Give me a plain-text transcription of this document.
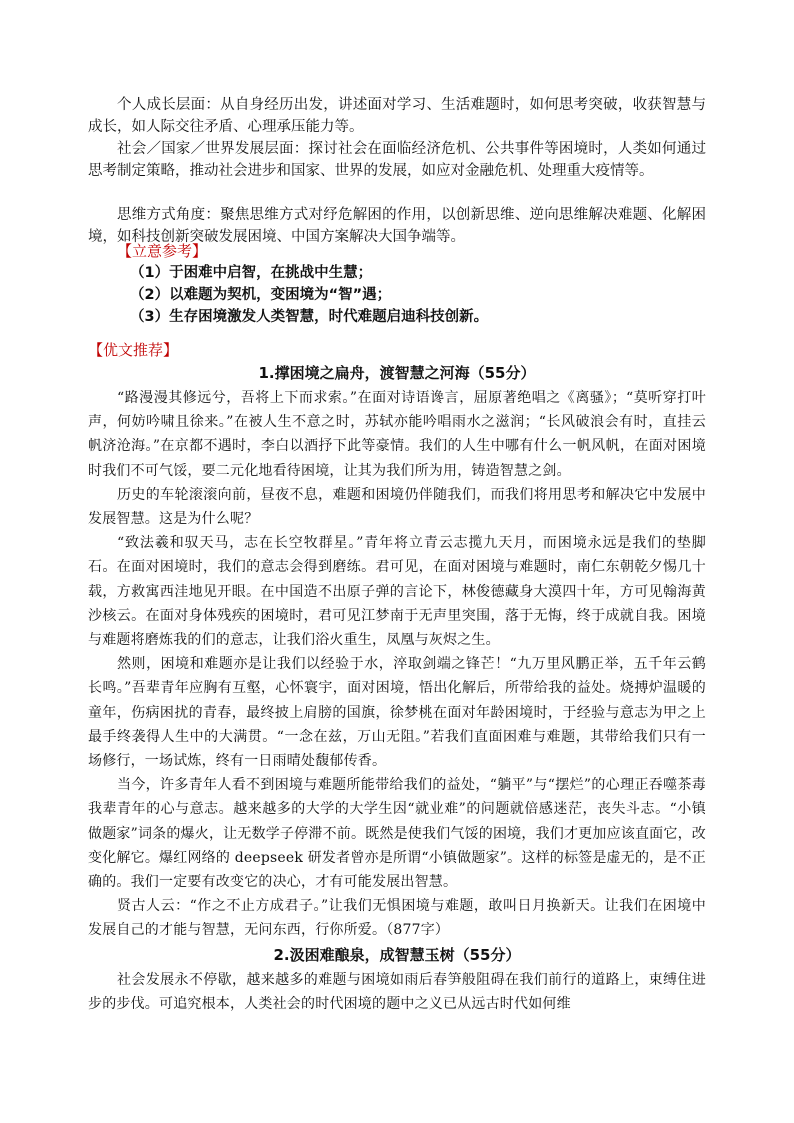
个人成长层面：从自身经历出发，讲述面对学习、生活难题时，如何思考突破，收获智慧与成长，如人际交往矛盾、心理承压能力等。

社会／国家／世界发展层面：探讨社会在面临经济危机、公共事件等困境时，人类如何通过思考制定策略，推动社会进步和国家、世界的发展，如应对金融危机、处理重大疫情等。

思维方式角度：聚焦思维方式对纾危解困的作用，以创新思维、逆向思维解决难题、化解困境，如科技创新突破发展困境、中国方案解决大国争端等。

【立意参考】
（1）于困难中启智，在挑战中生慧；
（2）以难题为契机，变困境为“智”遇；
（3）生存困境激发人类智慧，时代难题启迪科技创新。
【优文推荐】
1.撑困境之扁舟，渡智慧之河海（55分）

“路漫漫其修远兮，吾将上下而求索。”在面对诗语谗言，屈原著绝唱之《离骚》；“莫听穿打叶声，何妨吟啸且徐来。”在被人生不意之时，苏轼亦能吟唱雨水之滋润；“长风破浪会有时，直挂云帆济沧海。”在京都不遇时，李白以酒抒下此等豪情。我们的人生中哪有什么一帆风帆，在面对困境时我们不可气馁，要二元化地看待困境，让其为我们所为用，铸造智慧之剑。

历史的车轮滚滚向前，昼夜不息，难题和困境仍伴随我们，而我们将用思考和解决它中发展中发展智慧。这是为什么呢？

“致法羲和驭天马，志在长空牧群星。”青年将立青云志揽九天月，而困境永远是我们的垫脚石。在面对困境时，我们的意志会得到磨练。君可见，在面对困境与难题时，南仁东朝乾夕惕几十载，方救寓西洼地见开眼。在中国造不出原子弹的言论下，林俊德藏身大漠四十年，方可见翰海黄沙核云。在面对身体残疾的困境时，君可见江梦南于无声里突围，落于无悔，终于成就自我。困境与难题将磨炼我的们的意志，让我们浴火重生，凤凰与灰烬之生。

然则，困境和难题亦是让我们以经验于水，淬取剑端之锋芒！“九万里风鹏正举，五千年云鹤长鸣。”吾辈青年应胸有互壑，心怀寰宇，面对困境，悟出化解后，所带给我的益处。烧搏炉温暖的童年，伤病困扰的青春，最终披上肩膀的国旗，徐梦桃在面对年龄困境时，于经验与意志为甲之上最手终袭得人生中的大满贯。“一念在兹，万山无阻。”若我们直面困难与难题，其带给我们只有一场修行，一场试炼，终有一日雨晴处馥郁传香。

当今，许多青年人看不到困境与难题所能带给我们的益处，“躺平”与“摆烂”的心理正吞噬茶毒我辈青年的心与意志。越来越多的大学的大学生因“就业难”的问题就倍感迷茫，丧失斗志。“小镇做题家”词条的爆火，让无数学子停滞不前。既然是使我们气馁的困境，我们才更加应该直面它，改变化解它。爆红网络的 deepseek 研发者曾亦是所谓“小镇做题家”。这样的标签是虚无的，是不正确的。我们一定要有改变它的决心，才有可能发展出智慧。

贤古人云：“作之不止方成君子。”让我们无惧困境与难题，敢叫日月换新天。让我们在困境中发展自己的才能与智慧，无问东西，行你所爱。（877字）

2.汲困难酿泉，成智慧玉树（55分）

社会发展永不停歇，越来越多的难题与困境如雨后春笋般阻碍在我们前行的道路上，束缚住进步的步伐。可追究根本，人类社会的时代困境的题中之义已从远古时代如何维
